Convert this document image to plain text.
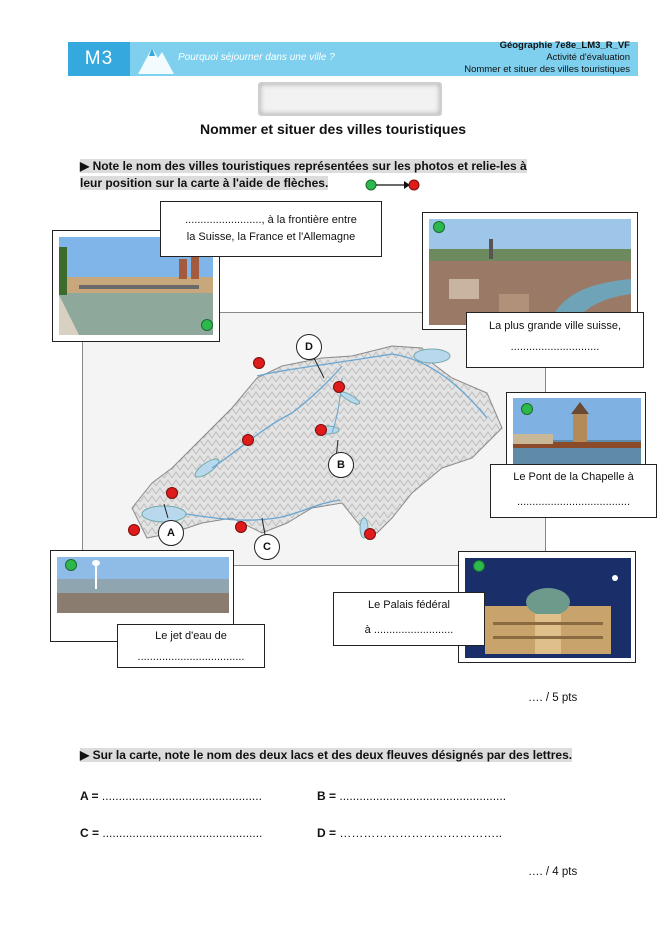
M3	Pourquoi séjourner dans une ville ?
Géographie 7e8e_LM3_R_VF
Activité d'évaluation
Nommer et situer des villes touristiques
Nommer et situer des villes touristiques
▶ Note le nom des villes touristiques représentées sur les photos et relie-les à
leur position sur la carte à l'aide de flèches.
D
B
C
A
........................., à la frontière entre
la Suisse, la France et l'Allemagne
La plus grande ville suisse,
.............................
Le Pont de la Chapelle à
.....................................
Le jet d'eau de
...................................
Le Palais fédéral
à ..........................
…. / 5 pts
▶ Sur la carte, note le nom des deux lacs et des deux fleuves désignés par des lettres.
A = ................................................	B = ..................................................
C = ................................................	D = …………………………………..
…. / 4 pts
